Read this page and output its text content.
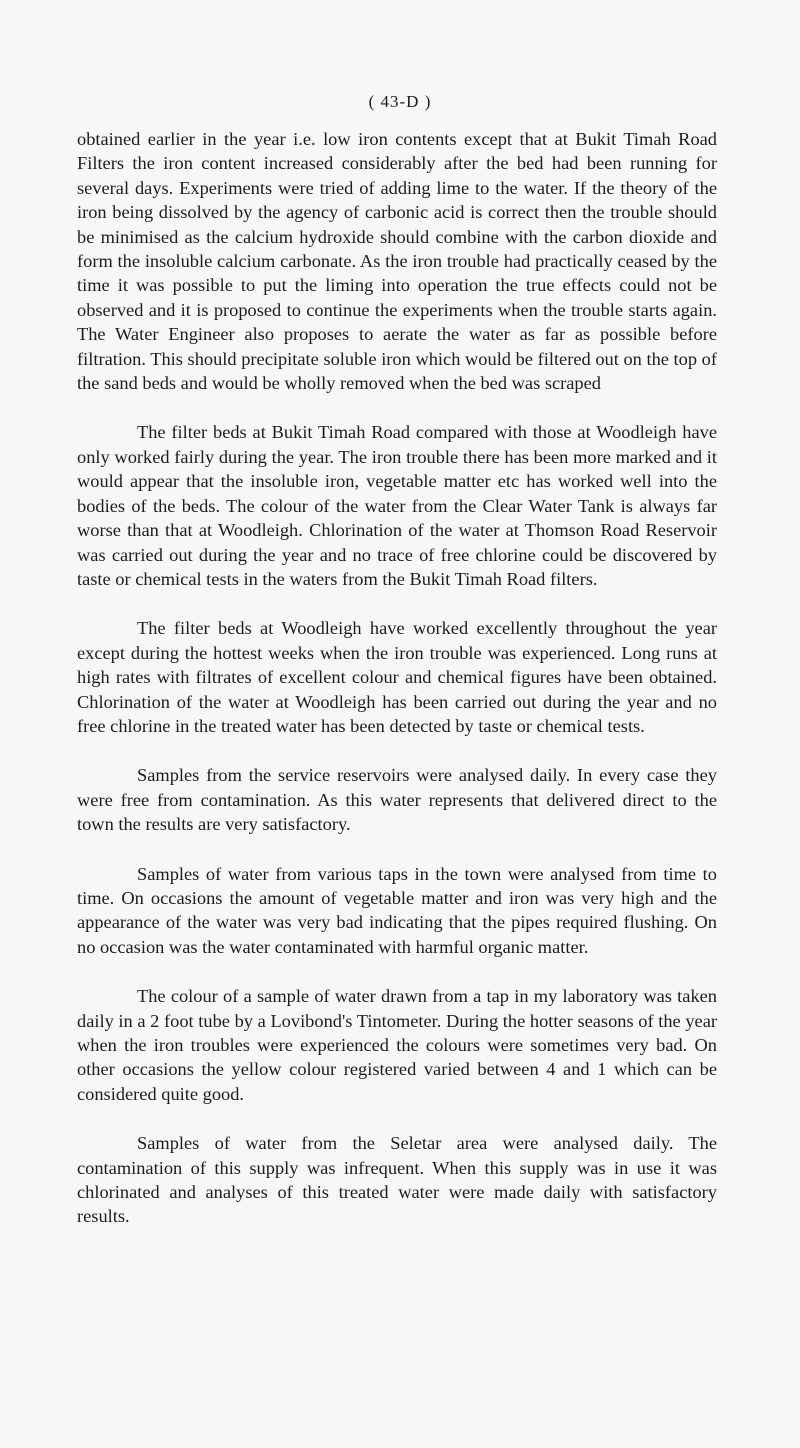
( 43-D )

obtained earlier in the year i.e. low iron contents except that at Bukit Timah Road Filters the iron content increased considerably after the bed had been running for several days. Experiments were tried of adding lime to the water. If the theory of the iron being dissolved by the agency of carbonic acid is correct then the trouble should be minimised as the calcium hydroxide should combine with the carbon dioxide and form the insoluble calcium carbonate. As the iron trouble had practically ceased by the time it was possible to put the liming into operation the true effects could not be observed and it is proposed to continue the experiments when the trouble starts again. The Water Engineer also proposes to aerate the water as far as possible before filtration. This should precipitate soluble iron which would be filtered out on the top of the sand beds and would be wholly removed when the bed was scraped

The filter beds at Bukit Timah Road compared with those at Woodleigh have only worked fairly during the year. The iron trouble there has been more marked and it would appear that the insoluble iron, vegetable matter etc has worked well into the bodies of the beds. The colour of the water from the Clear Water Tank is always far worse than that at Woodleigh. Chlorination of the water at Thomson Road Reservoir was carried out during the year and no trace of free chlorine could be discovered by taste or chemical tests in the waters from the Bukit Timah Road filters.

The filter beds at Woodleigh have worked excellently throughout the year except during the hottest weeks when the iron trouble was experienced. Long runs at high rates with filtrates of excellent colour and chemical figures have been obtained. Chlorination of the water at Woodleigh has been carried out during the year and no free chlorine in the treated water has been detected by taste or chemical tests.

Samples from the service reservoirs were analysed daily. In every case they were free from contamination. As this water represents that delivered direct to the town the results are very satisfactory.

Samples of water from various taps in the town were analysed from time to time. On occasions the amount of vegetable matter and iron was very high and the appearance of the water was very bad indicating that the pipes required flushing. On no occasion was the water contaminated with harmful organic matter.

The colour of a sample of water drawn from a tap in my laboratory was taken daily in a 2 foot tube by a Lovibond's Tintometer. During the hotter seasons of the year when the iron troubles were experienced the colours were sometimes very bad. On other occasions the yellow colour registered varied between 4 and 1 which can be considered quite good.

Samples of water from the Seletar area were analysed daily. The contamination of this supply was infrequent. When this supply was in use it was chlorinated and analyses of this treated water were made daily with satisfactory results.
